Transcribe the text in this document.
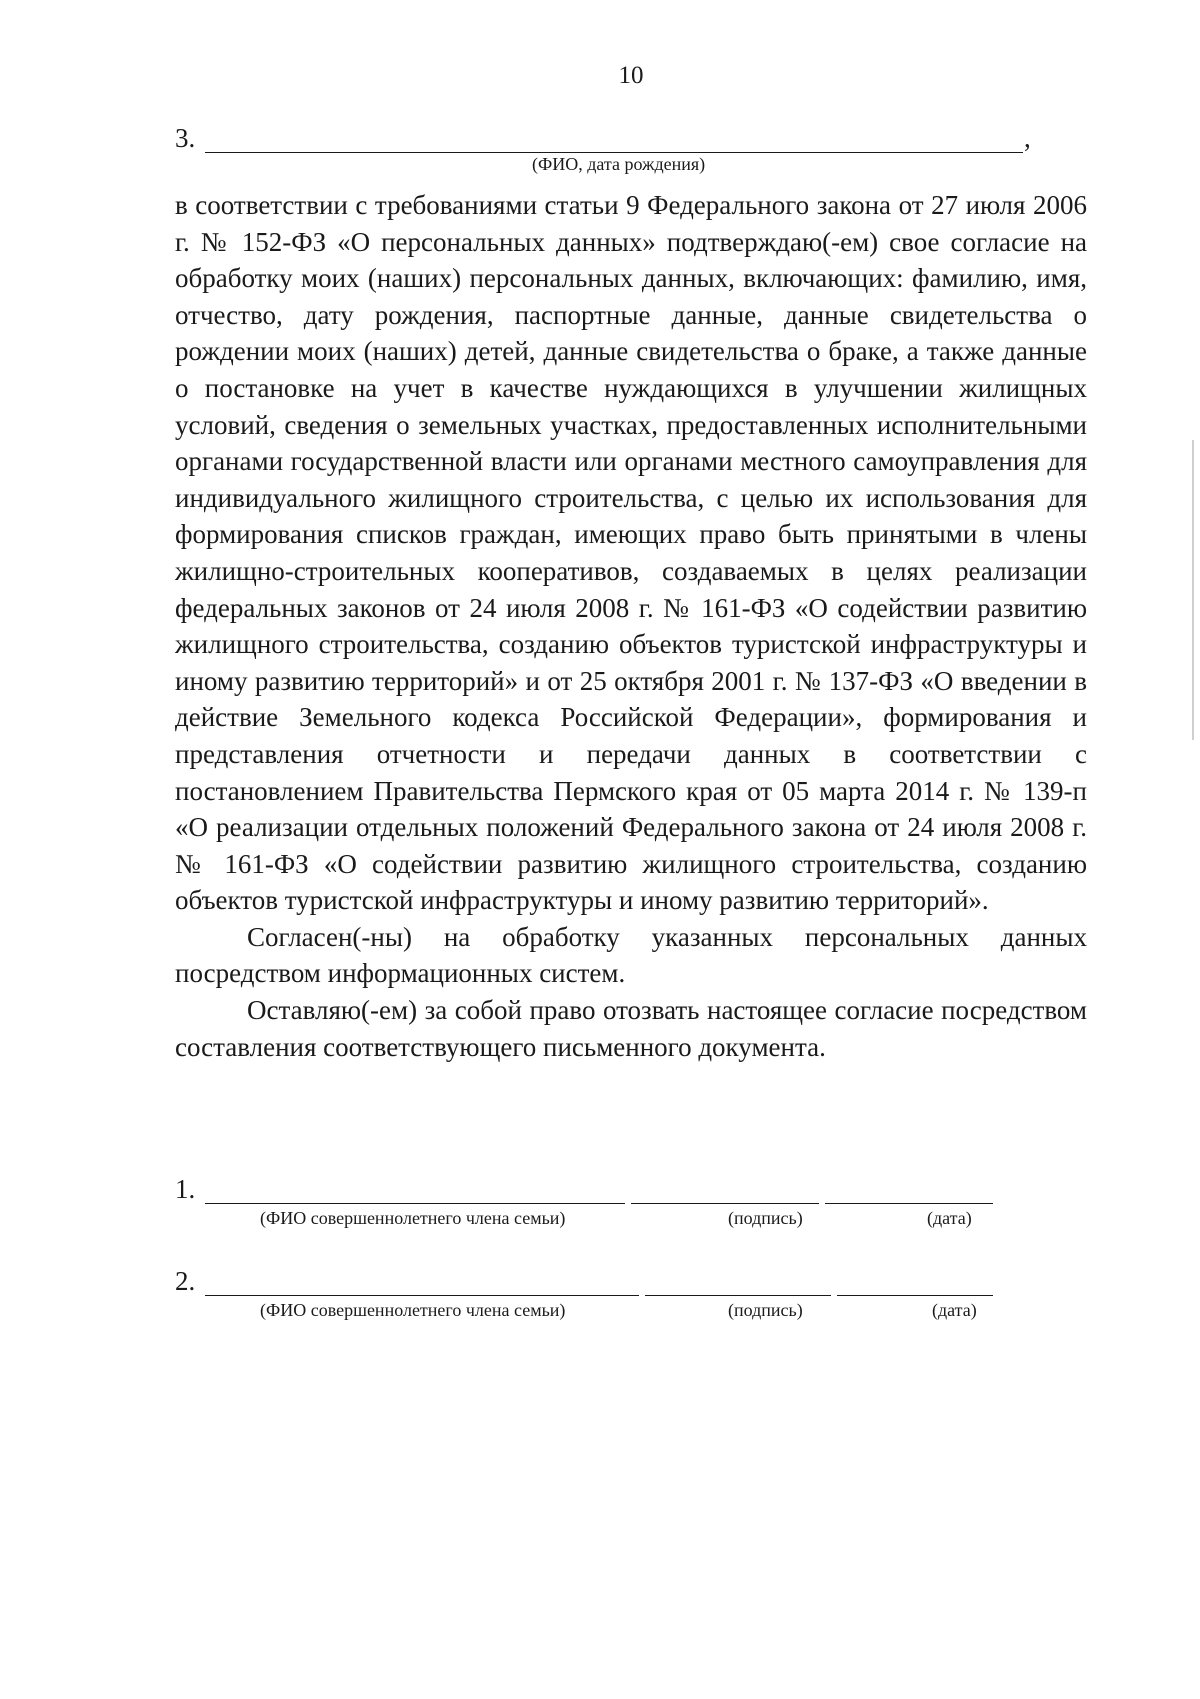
10
3.	,
(ФИО, дата рождения)

в соответствии с требованиями статьи 9 Федерального закона от 27 июля 2006 г. № 152-ФЗ «О персональных данных» подтверждаю(-ем) свое согласие на обработку моих (наших) персональных данных, включающих: фамилию, имя, отчество, дату рождения, паспортные данные, данные свидетельства о рождении моих (наших) детей, данные свидетельства о браке, а также данные о постановке на учет в качестве нуждающихся в улучшении жилищных условий, сведения о земельных участках, предоставленных исполнительными органами государственной власти или органами местного самоуправления для индивидуального жилищного строительства, с целью их использования для формирования списков граждан, имеющих право быть принятыми в члены жилищно-строительных кооперативов, создаваемых в целях реализации федеральных законов от 24 июля 2008 г. № 161-ФЗ «О содействии развитию жилищного строительства, созданию объектов туристской инфраструктуры и иному развитию территорий» и от 25 октября 2001 г. № 137-ФЗ «О введении в действие Земельного кодекса Российской Федерации», формирования и представления отчетности и передачи данных в соответствии с постановлением Правительства Пермского края от 05 марта 2014 г. № 139-п «О реализации отдельных положений Федерального закона от 24 июля 2008 г. № 161-ФЗ «О содействии развитию жилищного строительства, созданию объектов туристской инфраструктуры и иному развитию территорий».

Согласен(-ны) на обработку указанных персональных данных посредством информационных систем.

Оставляю(-ем) за собой право отозвать настоящее согласие посредством составления соответствующего письменного документа.

1.
(ФИО совершеннолетнего члена семьи)	(подпись)	(дата)
2.
(ФИО совершеннолетнего члена семьи)	(подпись)	(дата)
